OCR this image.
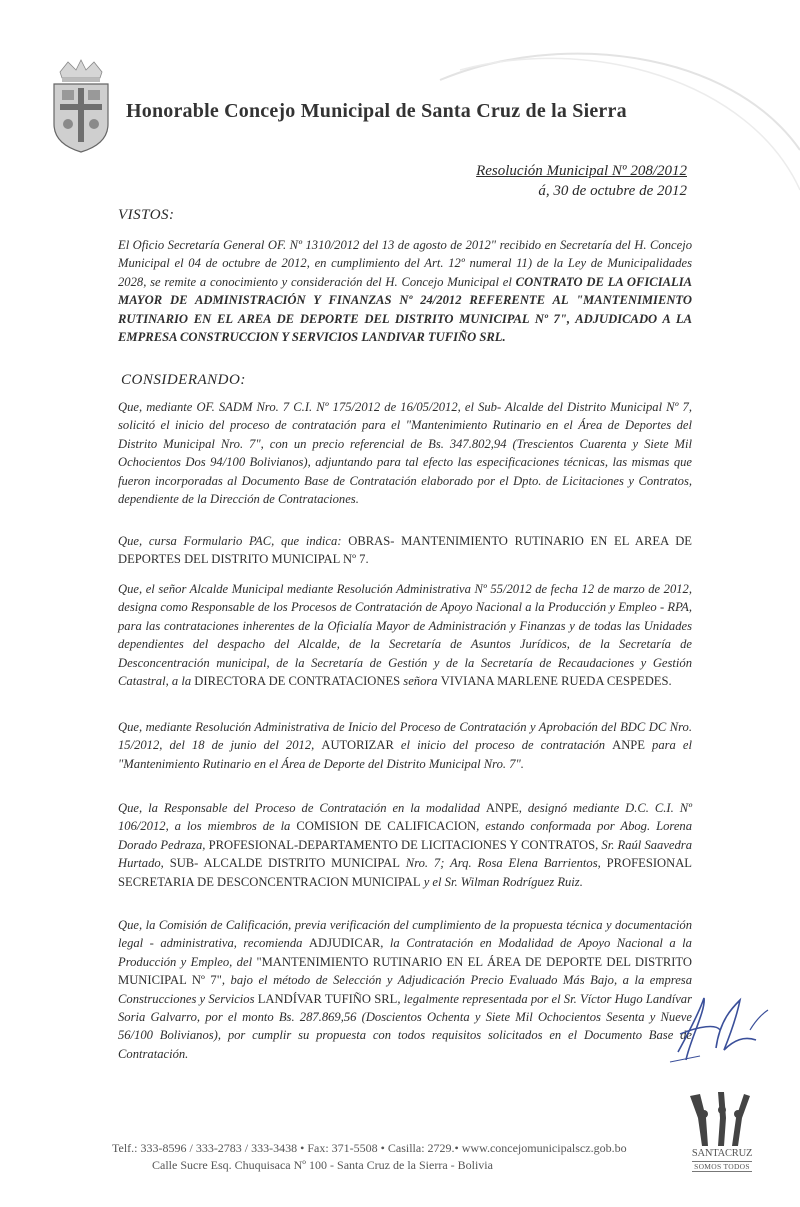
Honorable Concejo Municipal de Santa Cruz de la Sierra
Resolución Municipal Nº 208/2012
á, 30 de octubre de 2012
VISTOS:
El Oficio Secretaría General OF. Nº 1310/2012 del 13 de agosto de 2012" recibido en Secretaría del H. Concejo Municipal el 04 de octubre de 2012, en cumplimiento del Art. 12º numeral 11) de la Ley de Municipalidades 2028, se remite a conocimiento y consideración del H. Concejo Municipal el CONTRATO DE LA OFICIALIA MAYOR DE ADMINISTRACIÓN Y FINANZAS Nº 24/2012 REFERENTE AL "MANTENIMIENTO RUTINARIO EN EL AREA DE DEPORTE DEL DISTRITO MUNICIPAL Nº 7", ADJUDICADO A LA EMPRESA CONSTRUCCION Y SERVICIOS LANDIVAR TUFIÑO SRL.
CONSIDERANDO:
Que, mediante OF. SADM Nro. 7 C.I. Nº 175/2012 de 16/05/2012, el Sub- Alcalde del Distrito Municipal Nº 7, solicitó el inicio del proceso de contratación para el "Mantenimiento Rutinario en el Área de Deportes del Distrito Municipal Nro. 7", con un precio referencial de Bs. 347.802,94 (Trescientos Cuarenta y Siete Mil Ochocientos Dos 94/100 Bolivianos), adjuntando para tal efecto las especificaciones técnicas, las mismas que fueron incorporadas al Documento Base de Contratación elaborado por el Dpto. de Licitaciones y Contratos, dependiente de la Dirección de Contrataciones.
Que, cursa Formulario PAC, que indica: OBRAS- MANTENIMIENTO RUTINARIO EN EL AREA DE DEPORTES DEL DISTRITO MUNICIPAL Nº 7.
Que, el señor Alcalde Municipal mediante Resolución Administrativa Nº 55/2012 de fecha 12 de marzo de 2012, designa como Responsable de los Procesos de Contratación de Apoyo Nacional a la Producción y Empleo - RPA, para las contrataciones inherentes de la Oficialía Mayor de Administración y Finanzas y de todas las Unidades dependientes del despacho del Alcalde, de la Secretaría de Asuntos Jurídicos, de la Secretaría de Desconcentración municipal, de la Secretaría de Gestión y de la Secretaría de Recaudaciones y Gestión Catastral, a la DIRECTORA DE CONTRATACIONES señora VIVIANA MARLENE RUEDA CESPEDES.
Que, mediante Resolución Administrativa de Inicio del Proceso de Contratación y Aprobación del BDC DC Nro. 15/2012, del 18 de junio del 2012, AUTORIZAR el inicio del proceso de contratación ANPE para el "Mantenimiento Rutinario en el Área de Deporte del Distrito Municipal Nro. 7".
Que, la Responsable del Proceso de Contratación en la modalidad ANPE, designó mediante D.C. C.I. Nº 106/2012, a los miembros de la COMISION DE CALIFICACION, estando conformada por Abog. Lorena Dorado Pedraza, PROFESIONAL-DEPARTAMENTO DE LICITACIONES Y CONTRATOS, Sr. Raúl Saavedra Hurtado, SUB- ALCALDE DISTRITO MUNICIPAL Nro. 7; Arq. Rosa Elena Barrientos, PROFESIONAL SECRETARIA DE DESCONCENTRACION MUNICIPAL y el Sr. Wilman Rodríguez Ruiz.
Que, la Comisión de Calificación, previa verificación del cumplimiento de la propuesta técnica y documentación legal - administrativa, recomienda ADJUDICAR, la Contratación en Modalidad de Apoyo Nacional a la Producción y Empleo, del "MANTENIMIENTO RUTINARIO EN EL ÁREA DE DEPORTE DEL DISTRITO MUNICIPAL Nº 7", bajo el método de Selección y Adjudicación Precio Evaluado Más Bajo, a la empresa Construcciones y Servicios LANDÍVAR TUFIÑO SRL, legalmente representada por el Sr. Víctor Hugo Landívar Soria Galvarro, por el monto Bs. 287.869,56 (Doscientos Ochenta y Siete Mil Ochocientos Sesenta y Nueve 56/100 Bolivianos), por cumplir su propuesta con todos requisitos solicitados en el Documento Base de Contratación.
Telf.: 333-8596 / 333-2783 / 333-3438 • Fax: 371-5508 • Casilla: 2729.• www.concejomunicipalscz.gob.bo
Calle Sucre Esq. Chuquisaca Nº 100 - Santa Cruz de la Sierra - Bolivia
SANTACRUZ
SOMOS TODOS
